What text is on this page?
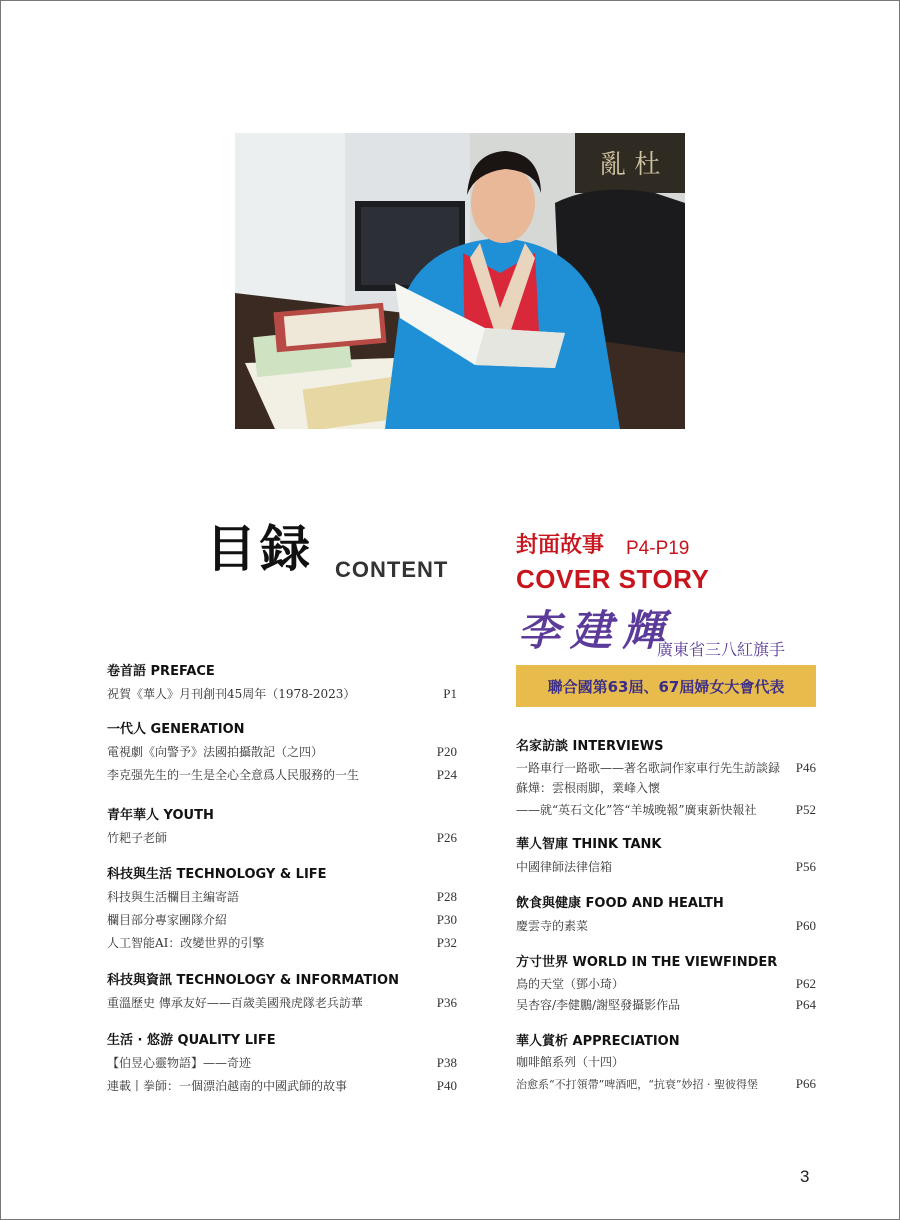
亂 杜
目録 CONTENT
封面故事 P4-P19
COVER STORY
李建輝
廣東省三八紅旗手
聯合國第63屆、67屆婦女大會代表
卷首語 PREFACE
祝賀《華人》月刊創刊45周年（1978-2023）	P1
一代人 GENERATION
電視劇《向警予》法國拍攝散記（之四）	P20
李克强先生的一生是全心全意爲人民服務的一生	P24
青年華人 YOUTH
竹耙子老師	P26
科技與生活 TECHNOLOGY & LIFE
科技與生活欄目主編寄語	P28
欄目部分專家團隊介紹	P30
人工智能AI：改變世界的引擎	P32
科技與資訊 TECHNOLOGY & INFORMATION
重溫歷史 傳承友好——百歲美國飛虎隊老兵訪華	P36
生活 · 悠游 QUALITY LIFE
【伯昱心靈物語】——奇迹	P38
連載丨拳師：一個漂泊越南的中國武師的故事	P40
名家訪談 INTERVIEWS
一路車行一路歌——著名歌詞作家車行先生訪談録	P46
蘇燁：雲根雨脚，業峰入懷
——就“英石文化”答“羊城晚報”廣東新快報社	P52
華人智庫 THINK TANK
中國律師法律信箱	P56
飲食與健康 FOOD AND HEALTH
慶雲寺的素菜	P60
方寸世界 WORLD IN THE VIEWFINDER
鳥的天堂（鄧小琦）	P62
吴杏容/李健鵬/謝堅發攝影作品	P64
華人賞析 APPRECIATION
咖啡館系列（十四）
治愈系“不打領帶”啤酒吧，“抗衰”妙招 · 聖彼得堡	P66
3
